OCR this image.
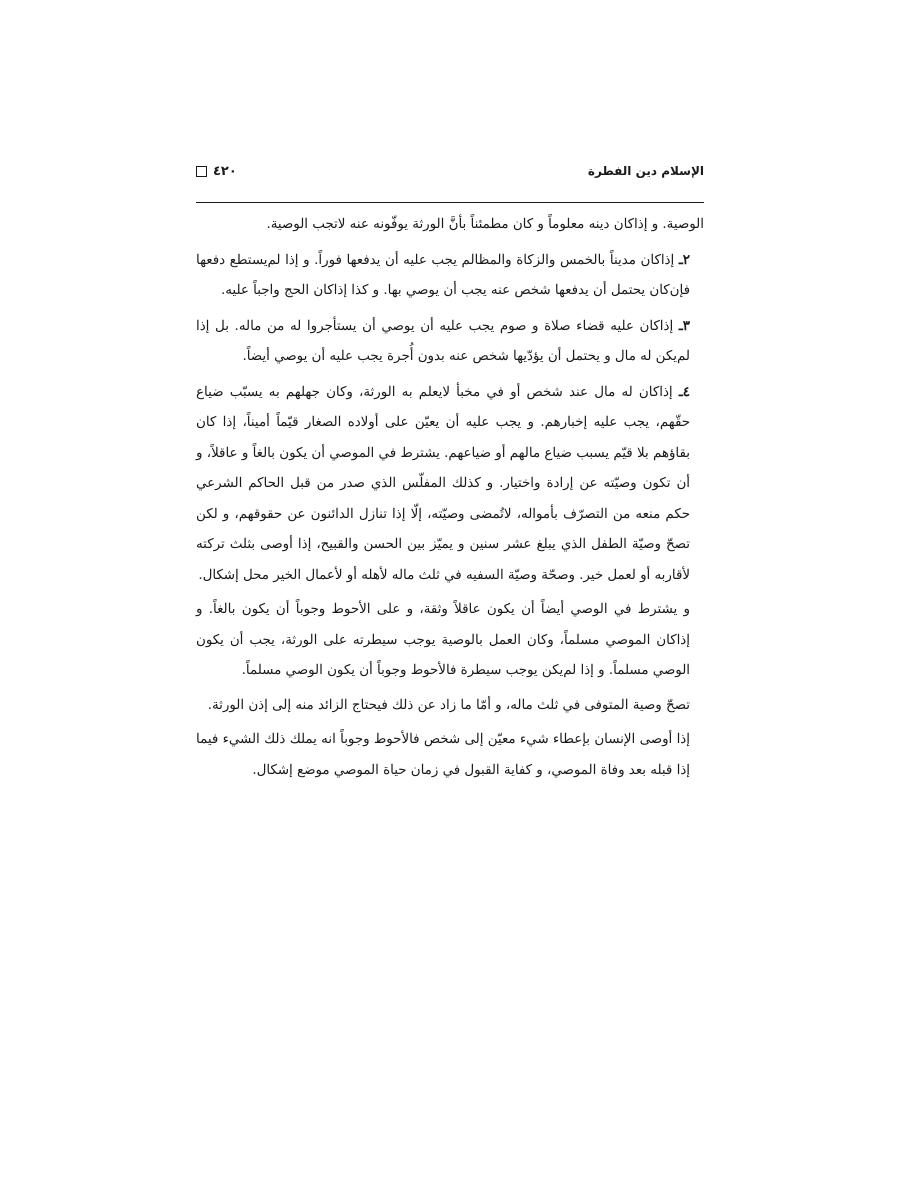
٤٢٠	الإسلام دين الفطرة

الوصية. و إذاكان دينه معلوماً و كان مطمئناً بأنَّ الورثة يوفّونه عنه لاتجب الوصية.

٢ـ إذاكان مديناً بالخمس والزكاة والمظالم يجب عليه أن يدفعها فوراً. و إذا لم‌يستطع دفعها فإن‌كان يحتمل أن يدفعها شخص عنه يجب أن يوصي بها. و كذا إذاكان الحج واجباً عليه.

٣ـ إذاكان عليه قضاء صلاة و صوم يجب عليه أن يوصي أن يستأجروا له من ماله. بل إذا لم‌يكن له مال و يحتمل أن يؤدّيها شخص عنه بدون أُجرة يجب عليه أن يوصي أيضاً.

٤ـ إذاكان له مال عند شخص أو في مخبأ لايعلم به الورثة، وكان جهلهم به يسبّب ضياع حقّهم، يجب عليه إخبارهم. و يجب عليه أن يعيّن على أولاده الصغار قيّماً أميناً، إذا كان بقاؤهم بلا قيّم يسبب ضياع مالهم أو ضياعهم. يشترط في الموصي أن يكون بالغاً و عاقلاً، و أن تكون وصيّته عن إرادة واختيار. و كذلك المفلّس الذي صدر من قبل الحاكم الشرعي حكم منعه من التصرّف بأمواله، لاتُمضى وصيّته، إلّا إذا تنازل الدائنون عن حقوقهم، و لكن تصحّ وصيّة الطفل الذي يبلغ عشر سنين و يميّز بين الحسن والقبيح، إذا أوصى بثلث تركته لأقاربه أو لعمل خير. وصحّة وصيّة السفيه في ثلث ماله لأهله أو لأعمال الخير محل إشكال.

و يشترط في الوصي أيضاً أن يكون عاقلاً وثقة، و على الأحوط وجوباً أن يكون بالغاً. و إذاكان الموصي مسلماً، وكان العمل بالوصية يوجب سيطرته على الورثة، يجب أن يكون الوصي مسلماً. و إذا لم‌يكن يوجب سيطرة فالأحوط وجوباً أن يكون الوصي مسلماً.

تصحّ وصية المتوفى في ثلث ماله، و أمّا ما زاد عن ذلك فيحتاج الزائد منه إلى إذن الورثة.

إذا أوصى الإنسان بإعطاء شيء معيّن إلى شخص فالأحوط وجوباً انه يملك ذلك الشيء فيما إذا قبله بعد وفاة الموصي، و كفاية القبول في زمان حياة الموصي موضع إشكال.
